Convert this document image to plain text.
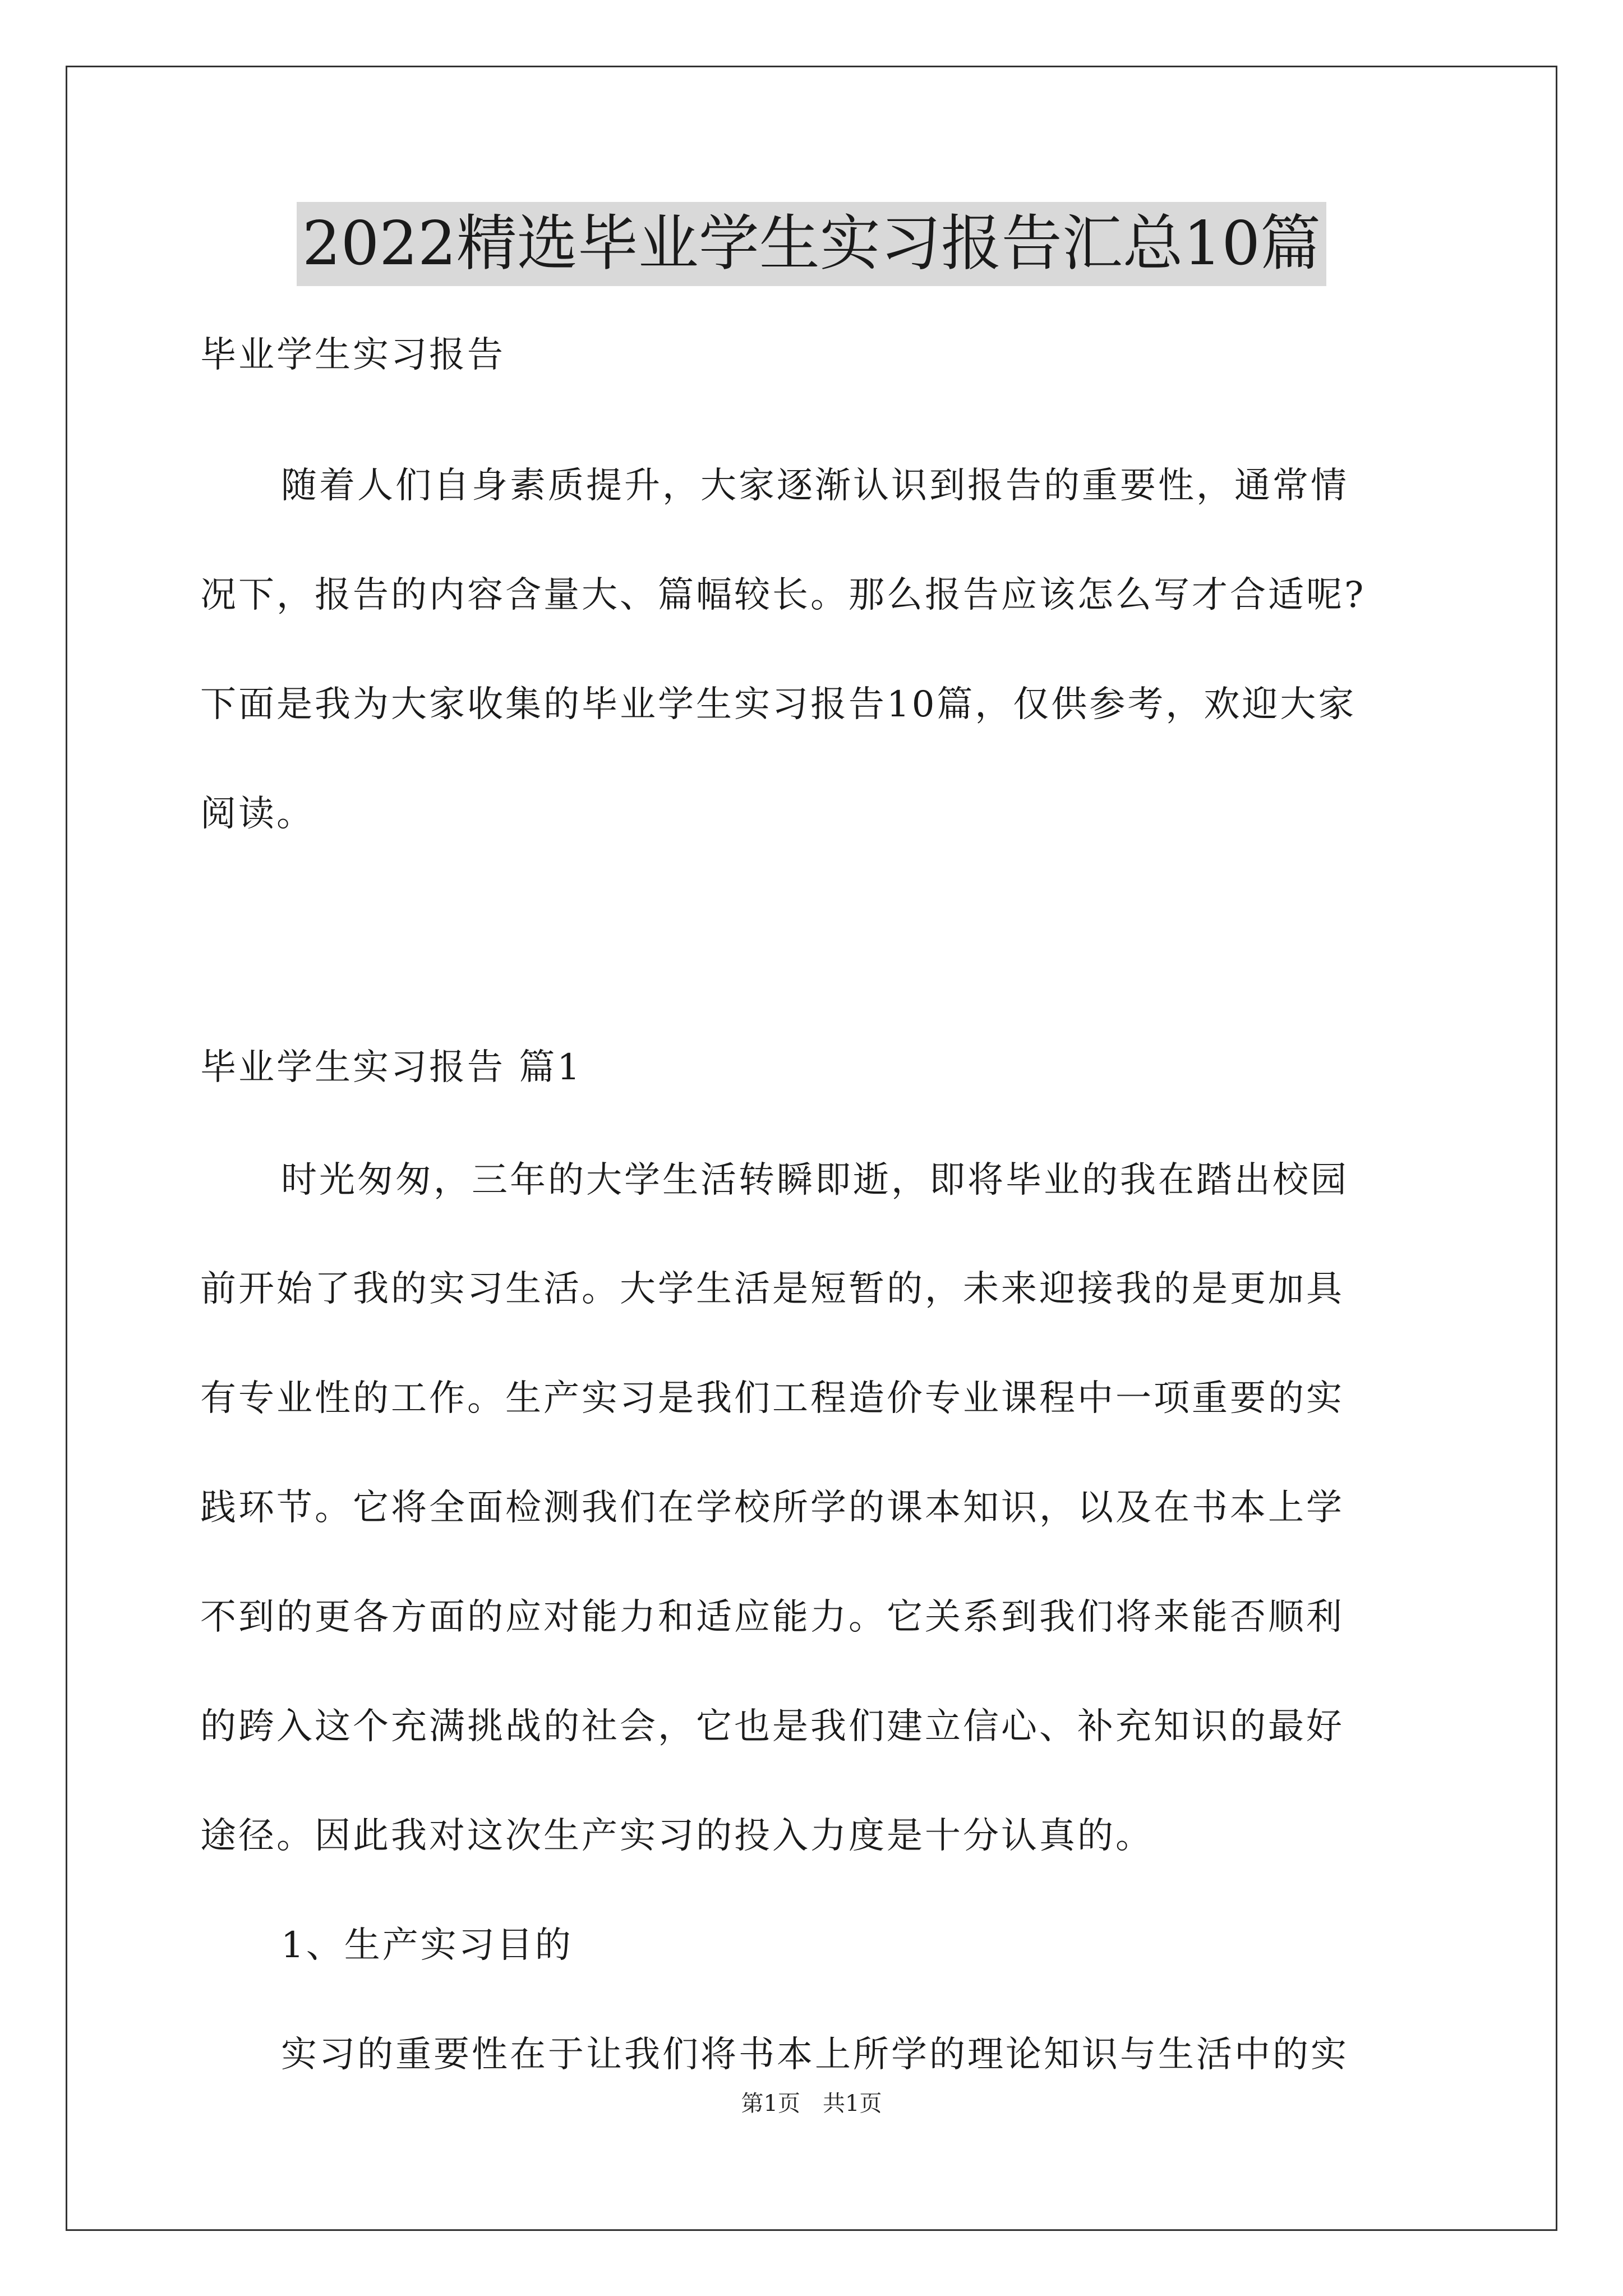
2022精选毕业学生实习报告汇总10篇
毕业学生实习报告
随着人们自身素质提升，大家逐渐认识到报告的重要性，通常情
况下，报告的内容含量大、篇幅较长。那么报告应该怎么写才合适呢?
下面是我为大家收集的毕业学生实习报告10篇，仅供参考，欢迎大家
阅读。
毕业学生实习报告 篇1
时光匆匆，三年的大学生活转瞬即逝，即将毕业的我在踏出校园
前开始了我的实习生活。大学生活是短暂的，未来迎接我的是更加具
有专业性的工作。生产实习是我们工程造价专业课程中一项重要的实
践环节。它将全面检测我们在学校所学的课本知识，以及在书本上学
不到的更各方面的应对能力和适应能力。它关系到我们将来能否顺利
的跨入这个充满挑战的社会，它也是我们建立信心、补充知识的最好
途径。因此我对这次生产实习的投入力度是十分认真的。
1、生产实习目的
实习的重要性在于让我们将书本上所学的理论知识与生活中的实
第1页 共1页
